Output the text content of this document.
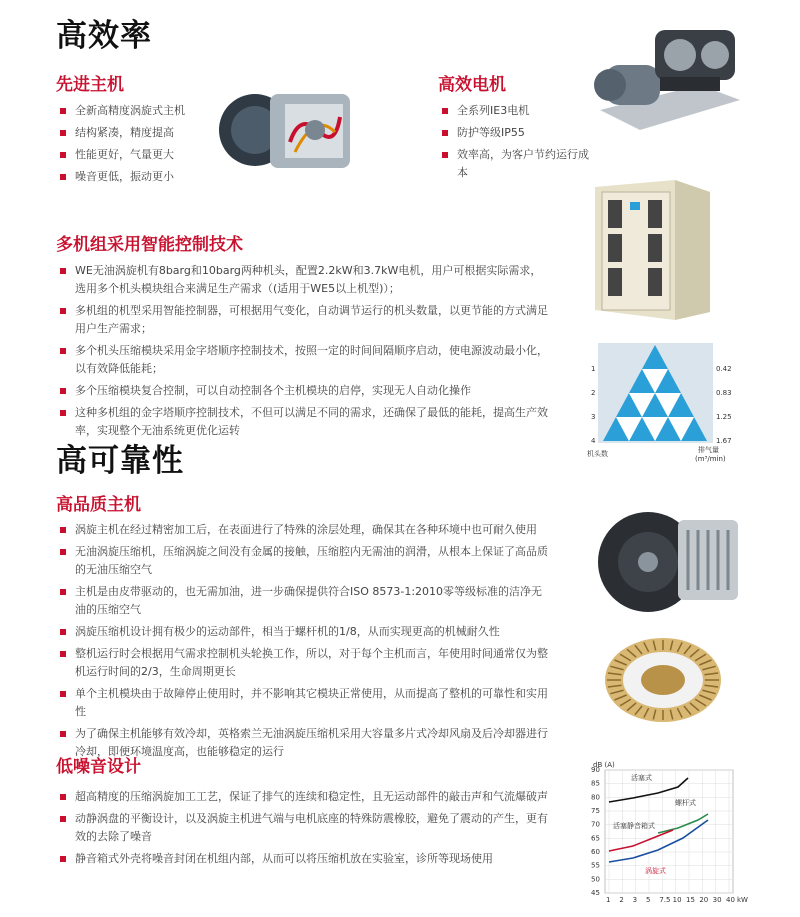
高效率
先进主机
全新高精度涡旋式主机
结构紧凑，精度提高
性能更好，气量更大
噪音更低，振动更小
高效电机
全系列IE3电机
防护等级IP55
效率高，为客户节约运行成本
多机组采用智能控制技术
WE无油涡旋机有8barg和10barg两种机头，配置2.2kW和3.7kW电机，用户可根据实际需求，选用多个机头模块组合来满足生产需求（(适用于WE5以上机型)）；
多机组的机型采用智能控制器，可根据用气变化，自动调节运行的机头数量，以更节能的方式满足用户生产需求；
多个机头压缩模块采用金字塔顺序控制技术，按照一定的时间间隔顺序启动，使电源波动最小化，以有效降低能耗；
多个压缩模块复合控制，可以自动控制各个主机模块的启停，实现无人自动化操作
这种多机组的金字塔顺序控制技术，不但可以满足不同的需求，还确保了最低的能耗，提高生产效率，实现整个无油系统更优化运转
1
2
3
4
0.42
0.83
1.25
1.67
机头数	排气量
(m³/min)
高可靠性
高品质主机
涡旋主机在经过精密加工后，在表面进行了特殊的涂层处理，确保其在各种环境中也可耐久使用
无油涡旋压缩机，压缩涡旋之间没有金属的接触，压缩腔内无需油的润滑，从根本上保证了高品质的无油压缩空气
主机是由皮带驱动的，也无需加油，进一步确保提供符合ISO 8573-1:2010零等级标准的洁净无油的压缩空气
涡旋压缩机设计拥有极少的运动部件，相当于螺杆机的1/8，从而实现更高的机械耐久性
整机运行时会根据用气需求控制机头轮换工作，所以，对于每个主机而言，年使用时间通常仅为整机运行时间的2/3，生命周期更长
单个主机模块由于故障停止使用时，并不影响其它模块正常使用，从而提高了整机的可靠性和实用性
为了确保主机能够有效冷却，英格索兰无油涡旋压缩机采用大容量多片式冷却风扇及后冷却器进行冷却，即便环境温度高，也能够稳定的运行
低噪音设计
超高精度的压缩涡旋加工工艺，保证了排气的连续和稳定性，且无运动部件的敲击声和气流爆破声
动静涡盘的平衡设计，以及涡旋主机进气端与电机底座的特殊防震橡胶，避免了震动的产生，更有效的去除了噪音
静音箱式外壳将噪音封闭在机组内部，从而可以将压缩机放在实验室，诊所等现场使用
dB (A)
90
85
80
75
70
65
60
55
50
45
1 2 3 5 7.5 10 15 20 30 40 kW
活塞式
螺杆式
活塞静音箱式
涡旋式
